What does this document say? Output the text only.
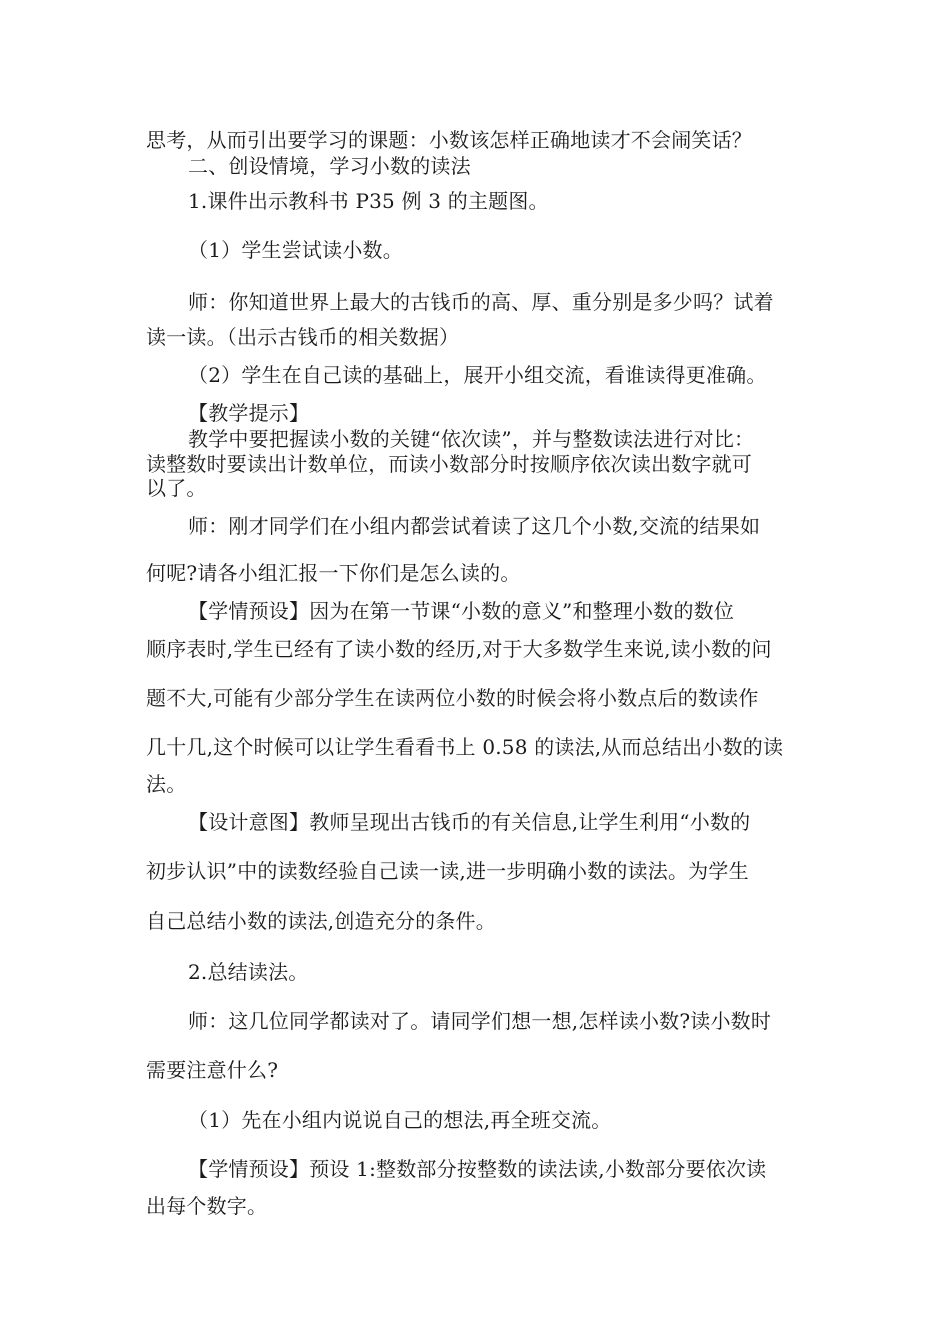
思考，从而引出要学习的课题：小数该怎样正确地读才不会闹笑话？
二、创设情境，学习小数的读法
1.课件出示教科书 P35 例 3 的主题图。
（1）学生尝试读小数。
师：你知道世界上最大的古钱币的高、厚、重分别是多少吗？试着
读一读。（出示古钱币的相关数据）
（2）学生在自己读的基础上，展开小组交流，看谁读得更准确。
【教学提示】
教学中要把握读小数的关键“依次读”，并与整数读法进行对比：
读整数时要读出计数单位，而读小数部分时按顺序依次读出数字就可
以了。
师：刚才同学们在小组内都尝试着读了这几个小数,交流的结果如
何呢?请各小组汇报一下你们是怎么读的。
【学情预设】因为在第一节课“小数的意义”和整理小数的数位
顺序表时,学生已经有了读小数的经历,对于大多数学生来说,读小数的问
题不大,可能有少部分学生在读两位小数的时候会将小数点后的数读作
几十几,这个时候可以让学生看看书上 0.58 的读法,从而总结出小数的读
法。
【设计意图】教师呈现出古钱币的有关信息,让学生利用“小数的
初步认识”中的读数经验自己读一读,进一步明确小数的读法。为学生
自己总结小数的读法,创造充分的条件。
2.总结读法。
师：这几位同学都读对了。请同学们想一想,怎样读小数?读小数时
需要注意什么?
（1）先在小组内说说自己的想法,再全班交流。
【学情预设】预设 1:整数部分按整数的读法读,小数部分要依次读
出每个数字。
